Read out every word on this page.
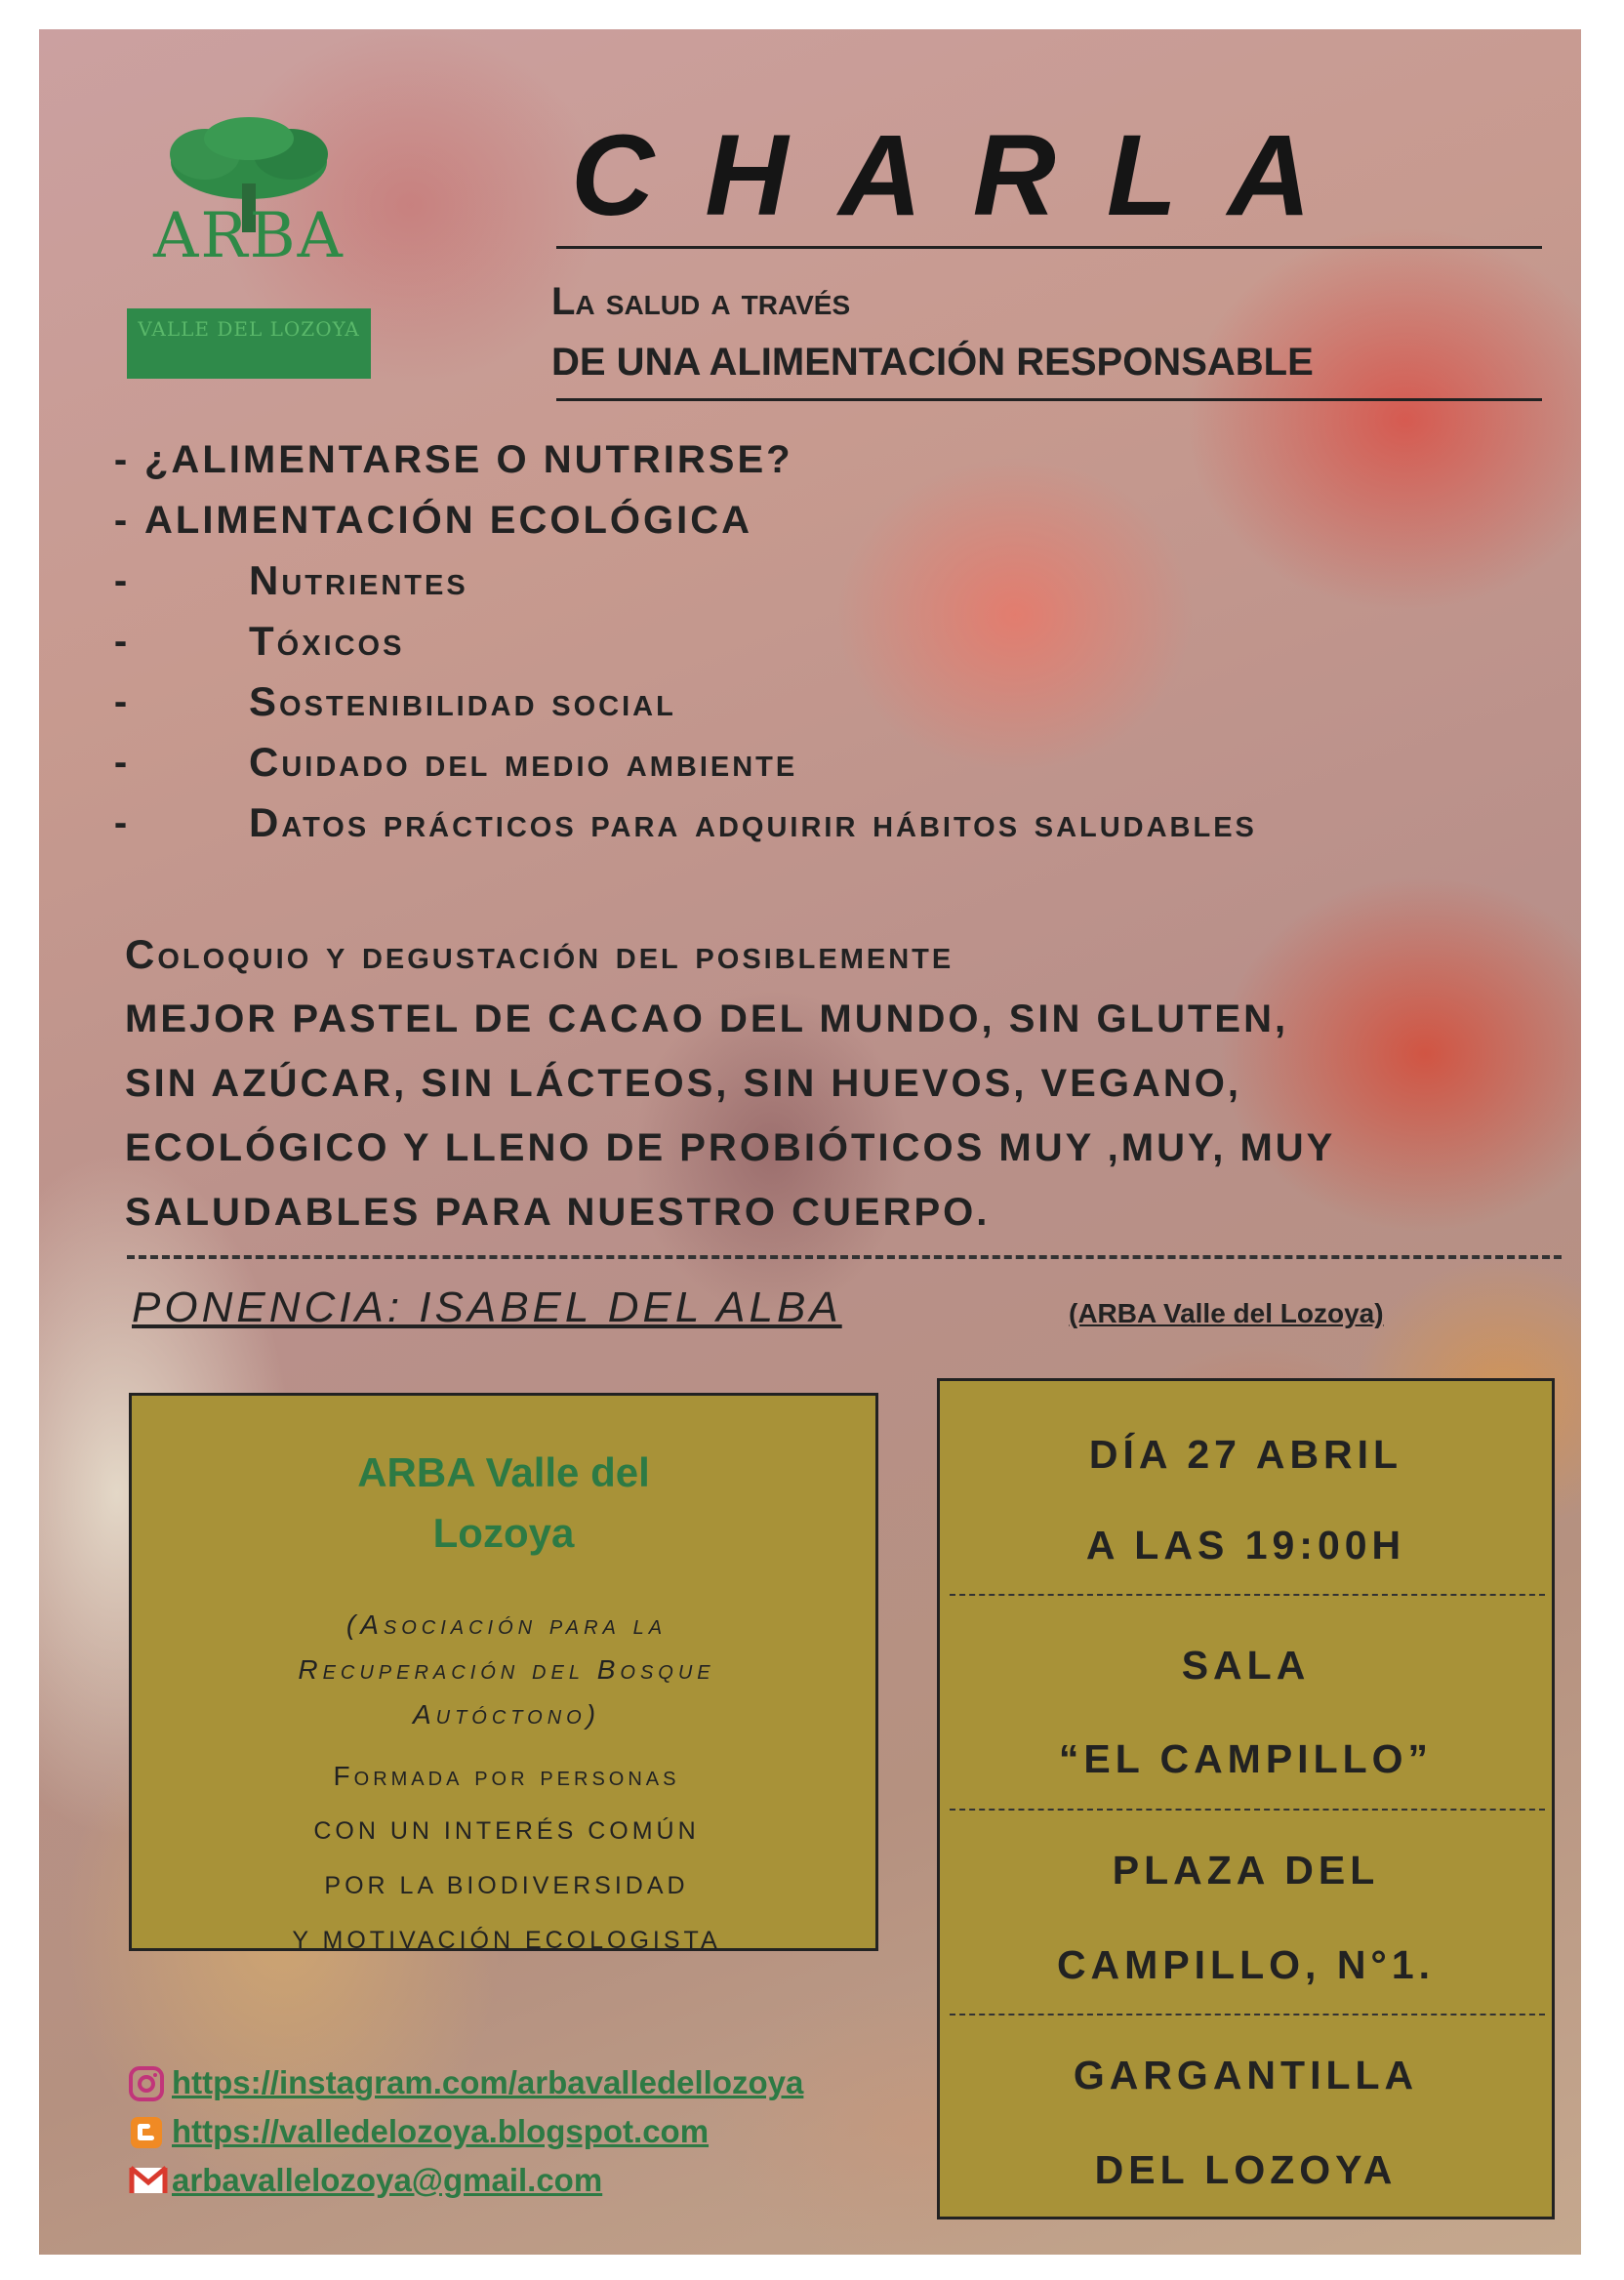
ARBA
VALLE DEL LOZOYA
CHARLA
La salud a través
DE UNA ALIMENTACIÓN RESPONSABLE
- ¿ALIMENTARSE O NUTRIRSE?
- ALIMENTACIÓN ECOLÓGICA
-	Nutrientes
-	Tóxicos
-	Sostenibilidad social
-	Cuidado del medio ambiente
-	Datos prácticos para adquirir hábitos saludables
Coloquio y degustación del posiblemente
MEJOR PASTEL DE CACAO DEL MUNDO, SIN GLUTEN,
SIN AZÚCAR, SIN LÁCTEOS, SIN HUEVOS, VEGANO,
ECOLÓGICO Y LLENO DE PROBIÓTICOS MUY ,MUY, MUY
SALUDABLES PARA NUESTRO CUERPO.
PONENCIA: ISABEL DEL ALBA	(ARBA Valle del Lozoya)
ARBA Valle del
Lozoya
(Asociación para la
Recuperación del Bosque
Autóctono)
Formada por personas
CON UN INTERÉS COMÚN
POR LA BIODIVERSIDAD
Y MOTIVACIÓN ECOLOGISTA
DÍA 27 ABRIL
A LAS 19:00H
SALA
“EL CAMPILLO”
PLAZA DEL
CAMPILLO, N°1.
GARGANTILLA
DEL LOZOYA
https://instagram.com/arbavalledellozoya
https://valledelozoya.blogspot.com
arbavallelozoya@gmail.com
